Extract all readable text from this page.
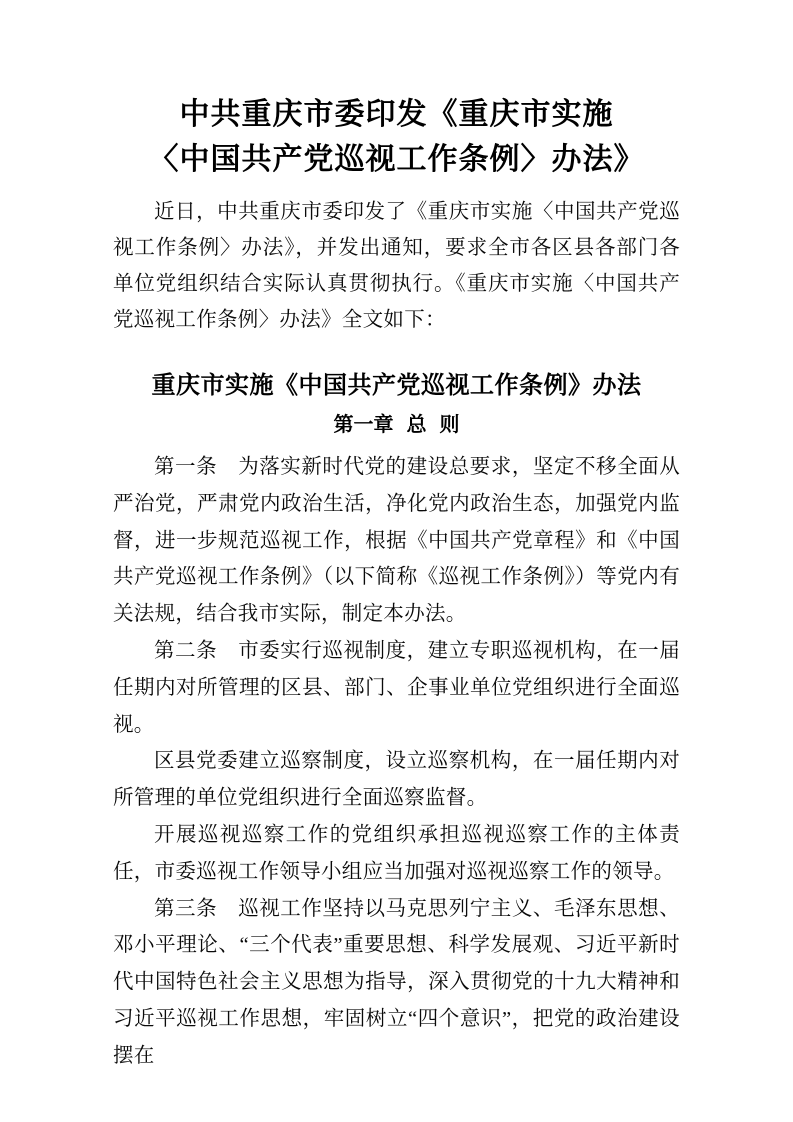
中共重庆市委印发《重庆市实施
〈中国共产党巡视工作条例〉办法》

近日，中共重庆市委印发了《重庆市实施〈中国共产党巡视工作条例〉办法》，并发出通知，要求全市各区县各部门各单位党组织结合实际认真贯彻执行。《重庆市实施〈中国共产党巡视工作条例〉办法》全文如下：

重庆市实施《中国共产党巡视工作条例》办法
第一章 总 则

第一条　为落实新时代党的建设总要求，坚定不移全面从严治党，严肃党内政治生活，净化党内政治生态，加强党内监督，进一步规范巡视工作，根据《中国共产党章程》和《中国共产党巡视工作条例》（以下简称《巡视工作条例》）等党内有关法规，结合我市实际，制定本办法。

第二条　市委实行巡视制度，建立专职巡视机构，在一届任期内对所管理的区县、部门、企事业单位党组织进行全面巡视。

区县党委建立巡察制度，设立巡察机构，在一届任期内对所管理的单位党组织进行全面巡察监督。

开展巡视巡察工作的党组织承担巡视巡察工作的主体责任，市委巡视工作领导小组应当加强对巡视巡察工作的领导。

第三条　巡视工作坚持以马克思列宁主义、毛泽东思想、邓小平理论、“三个代表”重要思想、科学发展观、习近平新时代中国特色社会主义思想为指导，深入贯彻党的十九大精神和习近平巡视工作思想，牢固树立“四个意识”，把党的政治建设摆在
